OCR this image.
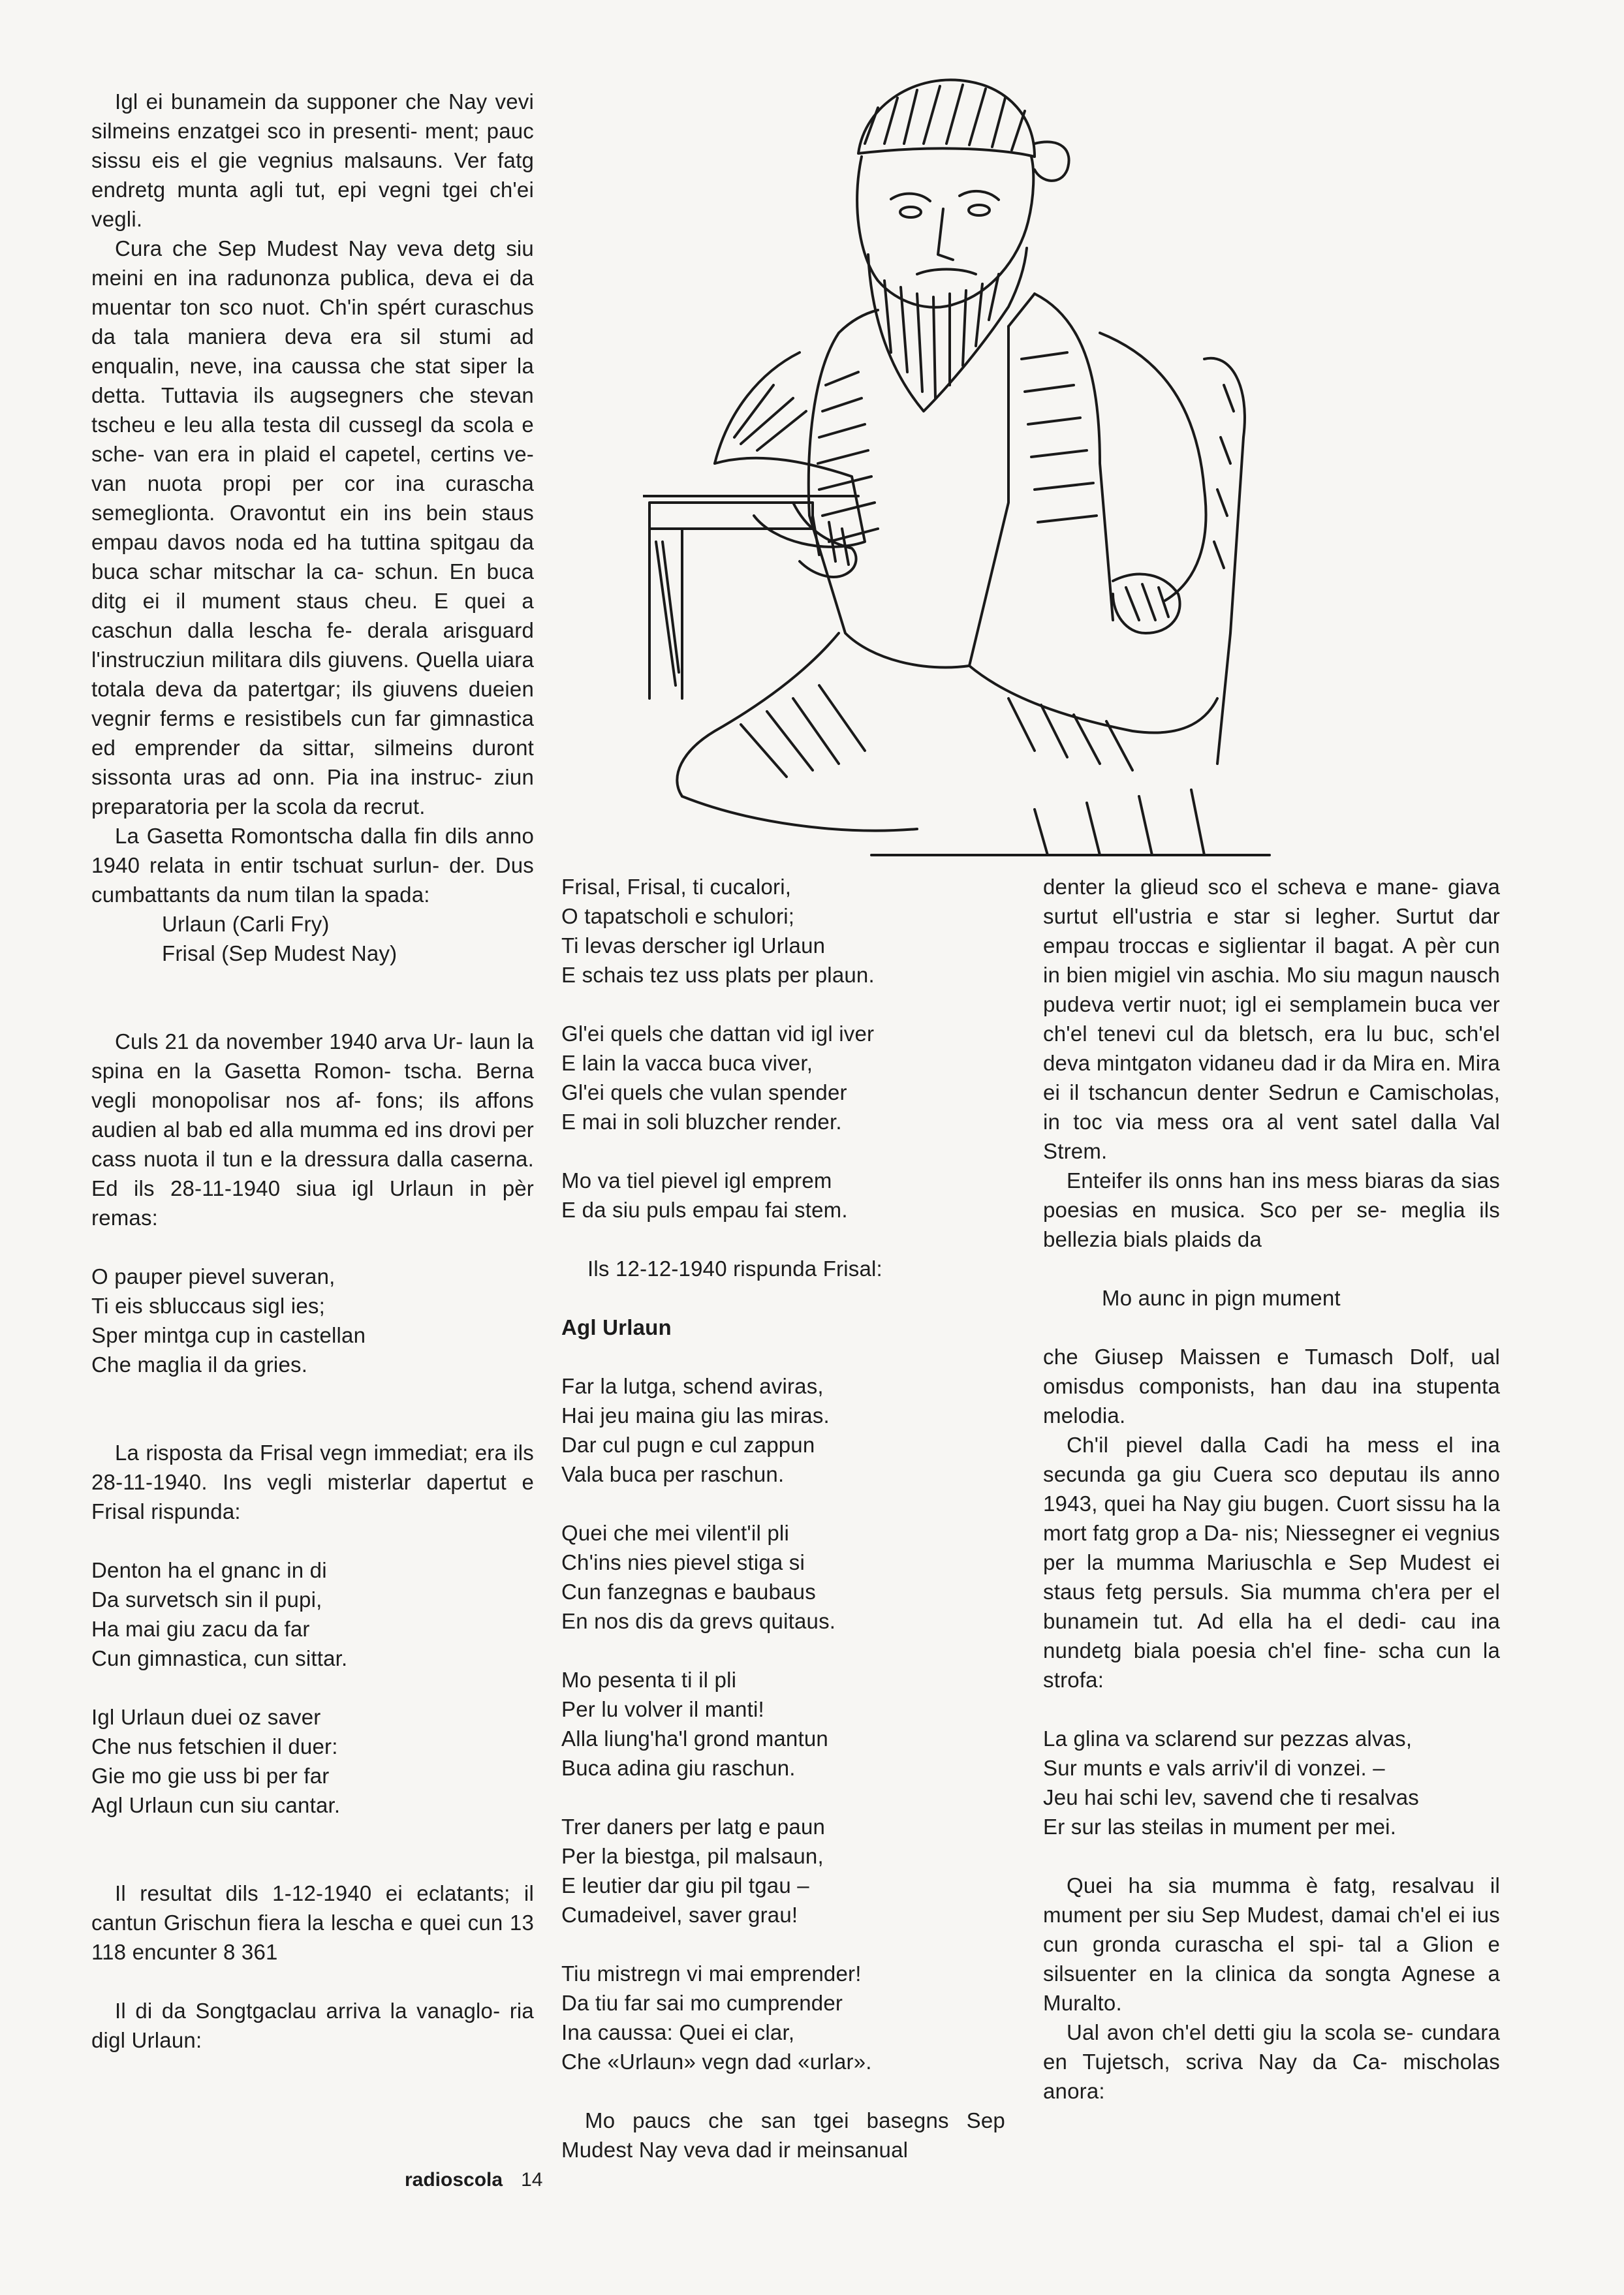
Igl ei bunamein da supponer che Nay vevi silmeins enzatgei sco in presenti- ment; pauc sissu eis el gie vegnius malsauns. Ver fatg endretg munta agli tut, epi vegni tgei ch'ei vegli.

Cura che Sep Mudest Nay veva detg siu meini en ina radunonza publica, deva ei da muentar ton sco nuot. Ch'in spért curaschus da tala maniera deva era sil stumi ad enqualin, neve, ina caussa che stat siper la detta. Tuttavia ils augsegners che stevan tscheu e leu alla testa dil cussegl da scola e sche- van era in plaid el capetel, certins ve- van nuota propi per cor ina curascha semeglionta. Oravontut ein ins bein staus empau davos noda ed ha tuttina spitgau da buca schar mitschar la ca- schun. En buca ditg ei il mument staus cheu. E quei a caschun dalla lescha fe- derala arisguard l'instrucziun militara dils giuvens. Quella uiara totala deva da patertgar; ils giuvens dueien vegnir ferms e resistibels cun far gimnastica ed emprender da sittar, silmeins duront sissonta uras ad onn. Pia ina instruc- ziun preparatoria per la scola da recrut.

La Gasetta Romontscha dalla fin dils anno 1940 relata in entir tschuat surlun- der. Dus cumbattants da num tilan la spada:

Urlaun (Carli Fry)

Frisal (Sep Mudest Nay)

Culs 21 da november 1940 arva Ur- laun la spina en la Gasetta Romon- tscha. Berna vegli monopolisar nos af- fons; ils affons audien al bab ed alla mumma ed ins drovi per cass nuota il tun e la dressura dalla caserna. Ed ils 28-11-1940 siua igl Urlaun in pèr remas:

O pauper pievel suveran,

Ti eis sbluccaus sigl ies;

Sper mintga cup in castellan

Che maglia il da gries.

La risposta da Frisal vegn immediat; era ils 28-11-1940. Ins vegli misterlar dapertut e Frisal rispunda:

Denton ha el gnanc in di

Da survetsch sin il pupi,

Ha mai giu zacu da far

Cun gimnastica, cun sittar.

Igl Urlaun duei oz saver

Che nus fetschien il duer:

Gie mo gie uss bi per far

Agl Urlaun cun siu cantar.

Il resultat dils 1-12-1940 ei eclatants; il cantun Grischun fiera la lescha e quei cun 13 118 encunter 8 361

Il di da Songtgaclau arriva la vanaglo- ria digl Urlaun:

Frisal, Frisal, ti cucalori,

O tapatscholi e schulori;

Ti levas derscher igl Urlaun

E schais tez uss plats per plaun.

Gl'ei quels che dattan vid igl iver

E lain la vacca buca viver,

Gl'ei quels che vulan spender

E mai in soli bluzcher render.

Mo va tiel pievel igl emprem

E da siu puls empau fai stem.

Ils 12-12-1940 rispunda Frisal:

Agl Urlaun

Far la lutga, schend aviras,

Hai jeu maina giu las miras.

Dar cul pugn e cul zappun

Vala buca per raschun.

Quei che mei vilent'il pli

Ch'ins nies pievel stiga si

Cun fanzegnas e baubaus

En nos dis da grevs quitaus.

Mo pesenta ti il pli

Per lu volver il manti!

Alla liung'ha'l grond mantun

Buca adina giu raschun.

Trer daners per latg e paun

Per la biestga, pil malsaun,

E leutier dar giu pil tgau –

Cumadeivel, saver grau!

Tiu mistregn vi mai emprender!

Da tiu far sai mo cumprender

Ina caussa: Quei ei clar,

Che «Urlaun» vegn dad «urlar».

Mo paucs che san tgei basegns Sep Mudest Nay veva dad ir meinsanual

denter la glieud sco el scheva e mane- giava surtut ell'ustria e star si legher. Surtut dar empau troccas e siglientar il bagat. A pèr cun in bien migiel vin aschia. Mo siu magun nausch pudeva vertir nuot; igl ei semplamein buca ver ch'el tenevi cul da bletsch, era lu buc, sch'el deva mintgaton vidaneu dad ir da Mira en. Mira ei il tschancun denter Sedrun e Camischolas, in toc via mess ora al vent satel dalla Val Strem.

Enteifer ils onns han ins mess biaras da sias poesias en musica. Sco per se- meglia ils bellezia bials plaids da

Mo aunc in pign mument

che Giusep Maissen e Tumasch Dolf, ual omisdus componists, han dau ina stupenta melodia.

Ch'il pievel dalla Cadi ha mess el ina secunda ga giu Cuera sco deputau ils anno 1943, quei ha Nay giu bugen. Cuort sissu ha la mort fatg grop a Da- nis; Niessegner ei vegnius per la mumma Mariuschla e Sep Mudest ei staus fetg persuls. Sia mumma ch'era per el bunamein tut. Ad ella ha el dedi- cau ina nundetg biala poesia ch'el fine- scha cun la strofa:

La glina va sclarend sur pezzas alvas,

Sur munts e vals arriv'il di vonzei. –

Jeu hai schi lev, savend che ti resalvas

Er sur las steilas in mument per mei.

Quei ha sia mumma è fatg, resalvau il mument per siu Sep Mudest, damai ch'el ei ius cun gronda curascha el spi- tal a Glion e silsuenter en la clinica da songta Agnese a Muralto.

Ual avon ch'el detti giu la scola se- cundara en Tujetsch, scriva Nay da Ca- mischolas anora:

radioscola 14
